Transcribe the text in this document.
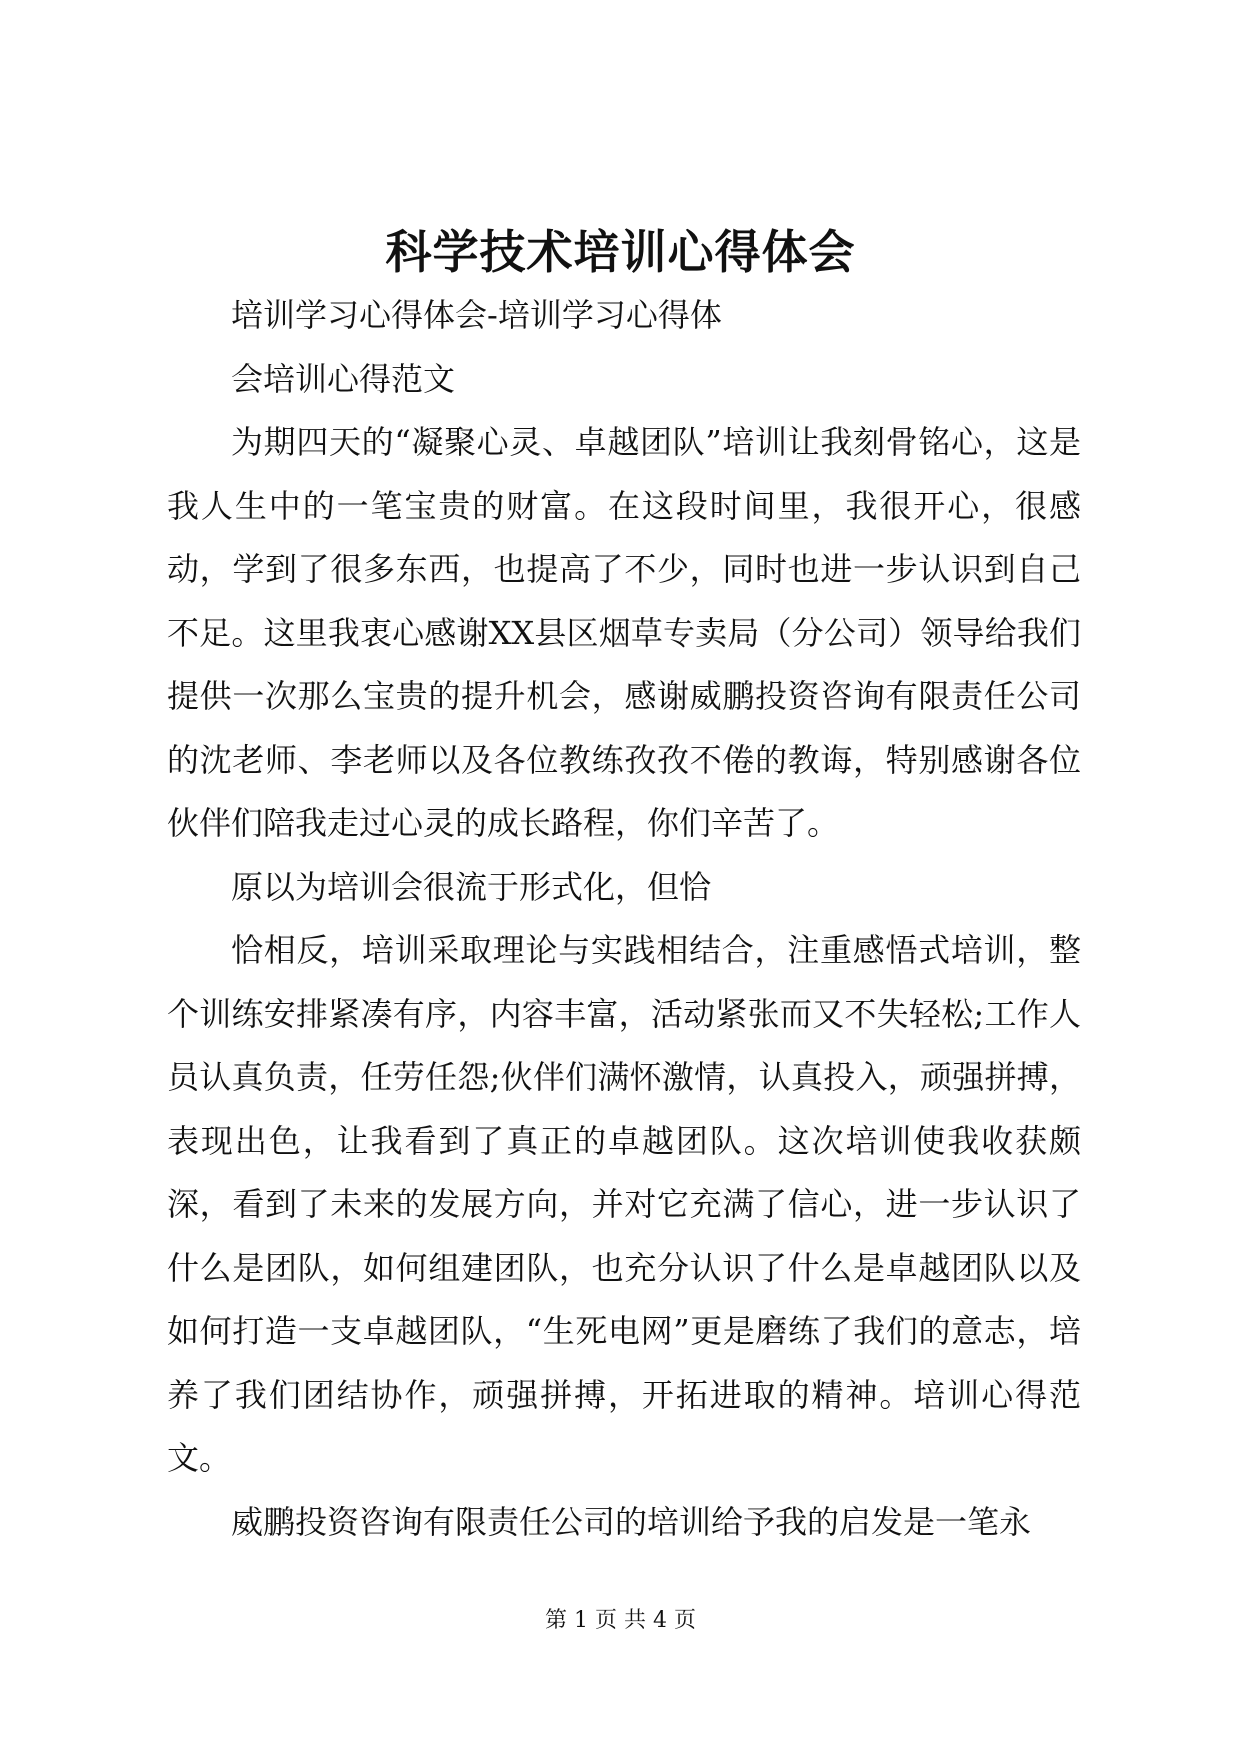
科学技术培训心得体会

培训学习心得体会-培训学习心得体

会培训心得范文

为期四天的“凝聚心灵、卓越团队”培训让我刻骨铭心，这是我人生中的一笔宝贵的财富。在这段时间里，我很开心，很感动，学到了很多东西，也提高了不少，同时也进一步认识到自己不足。这里我衷心感谢XX县区烟草专卖局（分公司）领导给我们提供一次那么宝贵的提升机会，感谢威鹏投资咨询有限责任公司的沈老师、李老师以及各位教练孜孜不倦的教诲，特别感谢各位伙伴们陪我走过心灵的成长路程，你们辛苦了。

原以为培训会很流于形式化，但恰

恰相反，培训采取理论与实践相结合，注重感悟式培训，整个训练安排紧凑有序，内容丰富，活动紧张而又不失轻松;工作人员认真负责，任劳任怨;伙伴们满怀激情，认真投入，顽强拼搏，表现出色，让我看到了真正的卓越团队。这次培训使我收获颇深，看到了未来的发展方向，并对它充满了信心，进一步认识了什么是团队，如何组建团队，也充分认识了什么是卓越团队以及如何打造一支卓越团队，“生死电网”更是磨练了我们的意志，培养了我们团结协作，顽强拼搏，开拓进取的精神。培训心得范文。

威鹏投资咨询有限责任公司的培训给予我的启发是一笔永

第 1 页 共 4 页
